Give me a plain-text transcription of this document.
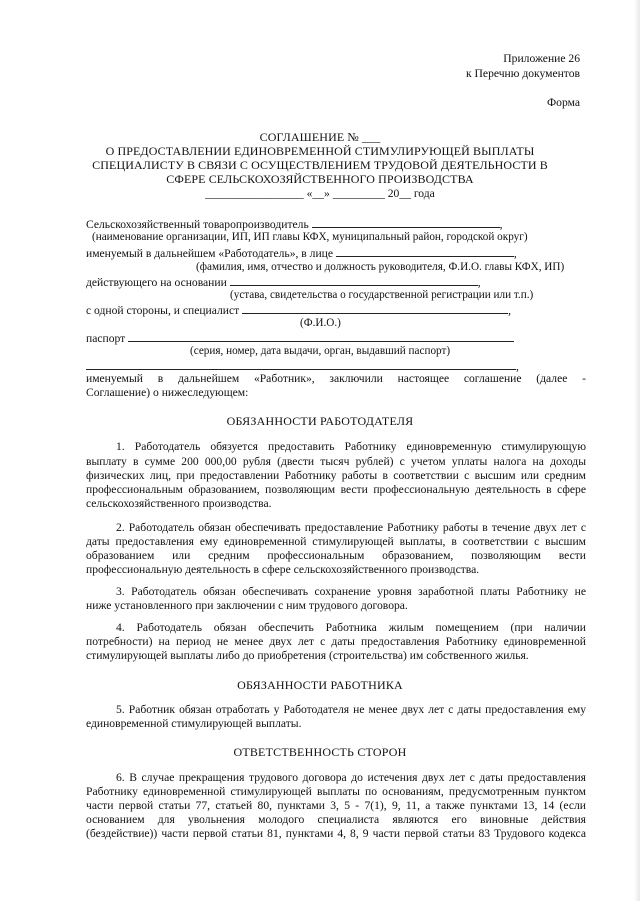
Приложение 26
к Перечню документов
Форма
СОГЛАШЕНИЕ № ___
О ПРЕДОСТАВЛЕНИИ ЕДИНОВРЕМЕННОЙ СТИМУЛИРУЮЩЕЙ ВЫПЛАТЫ
СПЕЦИАЛИСТУ В СВЯЗИ С ОСУЩЕСТВЛЕНИЕМ ТРУДОВОЙ ДЕЯТЕЛЬНОСТИ В
СФЕРЕ СЕЛЬСКОХОЗЯЙСТВЕННОГО ПРОИЗВОДСТВА
_________________ «__» _________ 20__ года
Сельскохозяйственный товаропроизводитель	,
(наименование организации, ИП, ИП главы КФХ, муниципальный район, городской округ)
именуемый в дальнейшем «Работодатель», в лице	,
(фамилия, имя, отчество и должность руководителя, Ф.И.О. главы КФХ, ИП)
действующего на основании	,
(устава, свидетельства о государственной регистрации или т.п.)
с одной стороны, и специалист	,
(Ф.И.О.)
паспорт
(серия, номер, дата выдачи, орган, выдавший паспорт)
,
именуемый в дальнейшем «Работник», заключили настоящее соглашение (далее -
Соглашение) о нижеследующем:
ОБЯЗАННОСТИ РАБОТОДАТЕЛЯ
1. Работодатель обязуется предоставить Работнику единовременную стимулирующую
выплату в сумме 200 000,00 рубля (двести тысяч рублей) с учетом уплаты налога на доходы
физических лиц, при предоставлении Работнику работы в соответствии с высшим или средним
профессиональным образованием, позволяющим вести профессиональную деятельность в сфере
сельскохозяйственного производства.
2. Работодатель обязан обеспечивать предоставление Работнику работы в течение двух лет с
даты предоставления ему единовременной стимулирующей выплаты, в соответствии с высшим
образованием или средним профессиональным образованием, позволяющим вести
профессиональную деятельность в сфере сельскохозяйственного производства.
3. Работодатель обязан обеспечивать сохранение уровня заработной платы Работнику не
ниже установленного при заключении с ним трудового договора.
4. Работодатель обязан обеспечить Работника жилым помещением (при наличии
потребности) на период не менее двух лет с даты предоставления Работнику единовременной
стимулирующей выплаты либо до приобретения (строительства) им собственного жилья.
ОБЯЗАННОСТИ РАБОТНИКА
5. Работник обязан отработать у Работодателя не менее двух лет с даты предоставления ему
единовременной стимулирующей выплаты.
ОТВЕТСТВЕННОСТЬ СТОРОН
6. В случае прекращения трудового договора до истечения двух лет с даты предоставления
Работнику единовременной стимулирующей выплаты по основаниям, предусмотренным пунктом
части первой статьи 77, статьей 80, пунктами 3, 5 - 7(1), 9, 11, а также пунктами 13, 14 (если
основанием для увольнения молодого специалиста являются его виновные действия
(бездействие)) части первой статьи 81, пунктами 4, 8, 9 части первой статьи 83 Трудового кодекса
